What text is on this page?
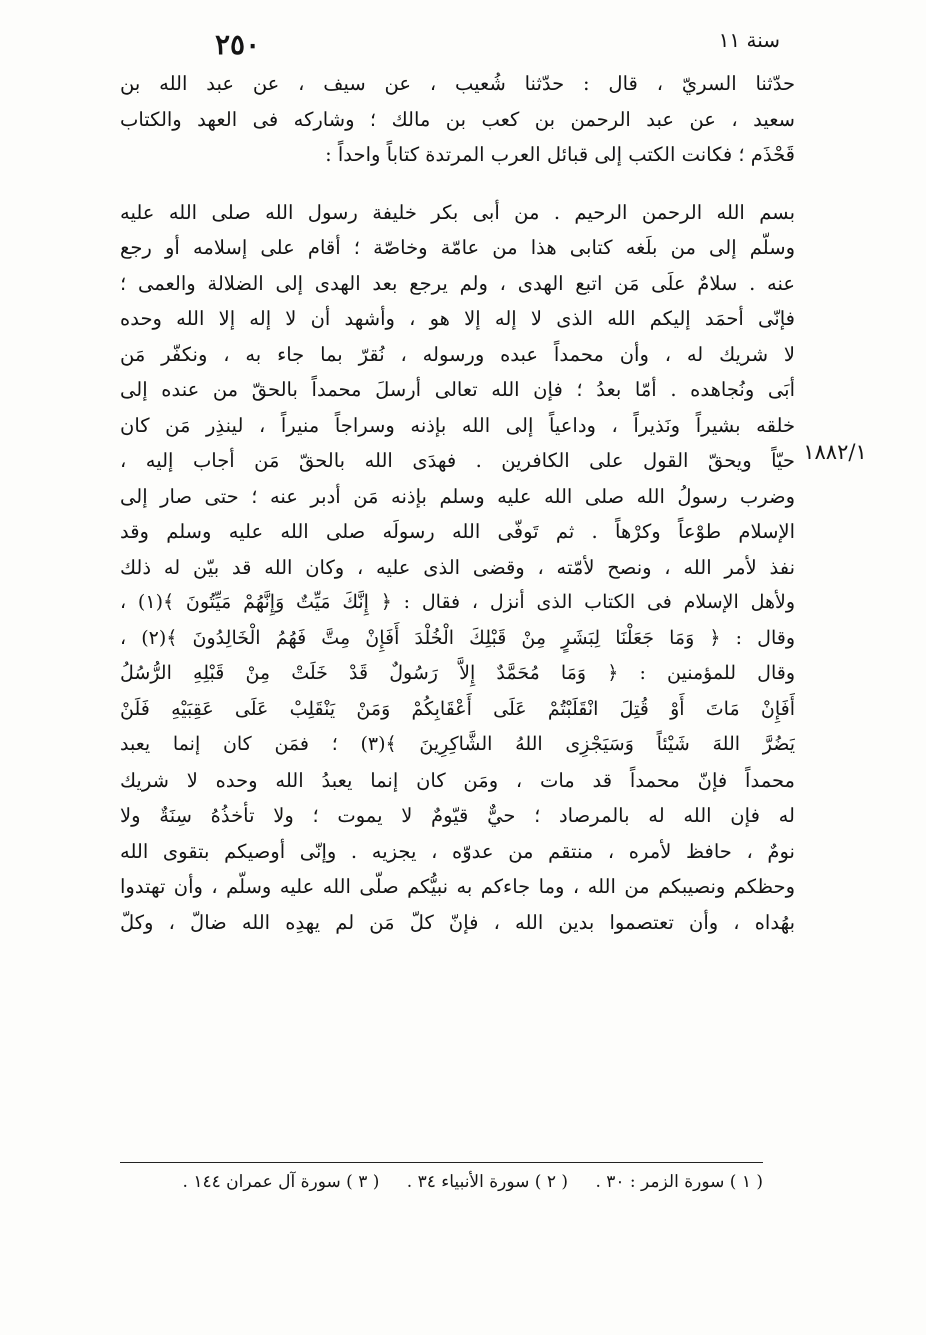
سنة ١١
٢٥٠
١٨٨٢/١
حدّثنا السريّ ، قال : حدّثنا شُعيب ، عن سيف ، عن عبد الله بن
سعيد ، عن عبد الرحمن بن كعب بن مالك ؛ وشاركه فى العهد والكتاب
قَحْذَم ؛ فكانت الكتب إلى قبائل العرب المرتدة كتاباً واحداً :
بسم الله الرحمن الرحيم . من أبى بكر خليفة رسول الله صلى الله عليه
وسلّم إلى من بلَغه كتابى هذا من عامّة وخاصّة ؛ أقام على إسلامه أو رجع
عنه . سلامٌ علَى مَن اتبع الهدى ، ولم يرجع بعد الهدى إلى الضلالة والعمى ؛
فإنّى أحمَد إليكم الله الذى لا إله إلا هو ، وأشهد أن لا إله إلا الله وحده
لا شريك له ، وأن محمداً عبده ورسوله ، نُقرّ بما جاء به ، ونكفّر مَن
أبَى ونُجاهده . أمّا بعدُ ؛ فإن الله تعالى أرسلَ محمداً بالحقّ من عنده إلى
خلقه بشيراً ونَذيراً ، وداعياً إلى الله بإذنه وسراجاً منيراً ، لينذِر مَن كان
حيّاً ويحقّ القول على الكافرين . فهدَى الله بالحقّ مَن أجاب إليه ،
وضرب رسولُ الله صلى الله عليه وسلم بإذنه مَن أدبر عنه ؛ حتى صار إلى
الإسلام طوْعاً وكرْهاً . ثم تَوفّى الله رسولَه صلى الله عليه وسلم وقد
نفذ لأمر الله ، ونصح لأمّته ، وقضى الذى عليه ، وكان الله قد بيّن له ذلك
ولأهل الإسلام فى الكتاب الذى أنزل ، فقال : ﴿ إِنَّكَ مَيِّتٌ وَإِنَّهُمْ مَيِّتُونَ ﴾(١) ،
وقال : ﴿ وَمَا جَعَلْنَا لِبَشَرٍ مِنْ قَبْلِكَ الْخُلْدَ أَفَإِنْ مِتَّ فَهُمُ الْخَالِدُونَ ﴾(٢) ،
وقال للمؤمنين : ﴿ وَمَا مُحَمَّدٌ إِلاَّ رَسُولٌ قَدْ خَلَتْ مِنْ قَبْلِهِ الرُّسُلُ
أَفَإِنْ مَاتَ أَوْ قُتِلَ انْقَلَبْتُمْ عَلَى أَعْقَابِكُمْ وَمَنْ يَنْقَلِبْ عَلَى عَقِبَيْهِ فَلَنْ
يَضُرَّ اللهَ شَيْئاً وَسَيَجْزِى اللهُ الشَّاكِرِينَ ﴾(٣) ؛ فمَن كان إنما يعبد
محمداً فإنّ محمداً قد مات ، ومَن كان إنما يعبدُ الله وحده لا شريك
له فإن الله له بالمرصاد ؛ حيٌّ قيّومٌ لا يموت ؛ ولا تأخذُهُ سِنَةٌ ولا
نومٌ ، حافظ لأمره ، منتقم من عدوّه ، يجزيه . وإنّى أوصيكم بتقوى الله
وحظكم ونصيبكم من الله ، وما جاءكم به نبيُّكم صلّى الله عليه وسلّم ، وأن تهتدوا
بهُداه ، وأن تعتصموا بدين الله ، فإنّ كلّ مَن لم يهدِه الله ضالّ ، وكلّ
( ١ ) سورة الزمر : ٣٠ . ( ٢ ) سورة الأنبياء ٣٤ . ( ٣ ) سورة آل عمران ١٤٤ .
